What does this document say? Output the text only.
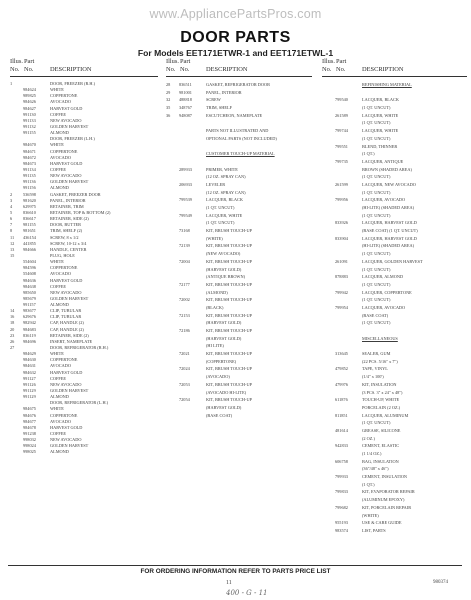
www.AppliancePartsPros.com
DOOR PARTS
For Models EET171ETWR-1 and EET171ETWL-1
Illus.
No.
Part
No.	DESCRIPTION
1	DOOR, FREEZER (R.H.)
984624	WHITE
989825	COPPERTONE
984626	AVOCADO
984627	HARVEST GOLD
991130	COFFEE
991133	NEW AVOCADO
991132	GOLDEN HARVEST
991155	ALMOND
DOOR, FREEZER (L.H.)
984670	WHITE
984671	COPPERTONE
984672	AVOCADO
984673	HARVEST GOLD
991134	COFFEE
991135	NEW AVOCADO
991136	GOLDEN HARVEST
991156	ALMOND
2	536598	GASKET, FREEZER DOOR
3	981620	PANEL, INTERIOR
4	629975	RETAINER, TRIM
5	836610	RETAINER, TOP & BOTTOM (2)
6	836617	RETAINER, SIDE (2)
7	981155	DOOR, BUTTER
8	981651	TRIM, SHELF (2)
11	436154	SCREW, 8 x 1/2
12	441855	SCREW, 10-12 x 3/4
13	984666	HANDLE, CENTER
15	PLUG, HOLE
554604	WHITE
984596	COPPERTONE
554608	AVOCADO
984636	HARVEST GOLD
984638	COFFEE
985650	NEW AVOCADO
985679	GOLDEN HARVEST
991157	ALMOND
14	983677	CLIP, TUBULAR
16	629676	CLIP, TUBULAR
18	982942	CAP, HANDLE (2)
20	984683	CAP, HANDLE (2)
23	836119	RETAINER, SIDE (2)
26	984696	INSERT, NAMEPLATE
27	DOOR, REFRIGERATOR (R.H.)
984629	WHITE
984630	COPPERTONE
984631	AVOCADO
984632	HARVEST GOLD
991127	COFFEE
991126	NEW AVOCADO
991129	GOLDEN HARVEST
991129	ALMOND
DOOR, REFRIGERATOR (L.H.)
984675	WHITE
984676	COPPERTONE
984677	AVOCADO
984678	HARVEST GOLD
991238	COFFEE
998032	NEW AVOCADO
998024	GOLDEN HARVEST
998025	ALMOND
Illus.
No.
Part
No.	DESCRIPTION
28	836511	GASKET, REFRIGERATOR DOOR
29	981001	PANEL, INTERIOR
32	488818	SCREW
35	348767	TRIM, SHELF
36	948087	ESCUTCHEON, NAMEPLATE
PARTS NOT ILLUSTRATED AND
OPTIONAL PARTS (NOT INCLUDED)
CUSTOMER TOUCH-UP MATERIAL
289933	PRIMER, WHITE
(12 OZ. SPRAY CAN)
206933	LEVELER
(12 OZ. SPRAY CAN)
799539	LACQUER, BLACK
(1 QT. UNCUT)
799549	LACQUER, WHITE
(1 QT. UNCUT)
73168	KIT, BRUSH TOUCH-UP
(WHITE)
72139	KIT, BRUSH TOUCH-UP
(NEW AVOCADO)
72004	KIT, BRUSH TOUCH-UP
(HARVEST GOLD)
(ANTIQUE BROWN)
72177	KIT, BRUSH TOUCH-UP
(ALMOND)
72002	KIT, BRUSH TOUCH-UP
(BLACK)
72153	KIT, BRUSH TOUCH-UP
(HARVEST GOLD)
72186	KIT, BRUSH TOUCH-UP
(HARVEST GOLD)
(HI LITE)
72021	KIT, BRUSH TOUCH-UP
(COPPERTONE)
72024	KIT, BRUSH TOUCH-UP
(AVOCADO)
72053	KIT, BRUSH TOUCH-UP
(AVOCADO HI-LITE)
72054	KIT, BRUSH TOUCH-UP
(HARVEST GOLD)
(BASE COAT)
Illus.
No.
Part
No.	DESCRIPTION
REFINISHING MATERIAL
799540	LACQUER, BLACK
(1 QT. UNCUT)
261589	LACQUER, WHITE
(1 QT. UNCUT)
799744	LACQUER, WHITE
(1 QT. UNCUT)
799551	BLEND, THINNER
(1 QT.)
799735	LACQUER, ANTIQUE
BROWN (SHADED AREA)
(1 QT. UNCUT)
261599	LACQUER, NEW AVOCADO
(1 QT. UNCUT)
799956	LACQUER, AVOCADO
(HI-LITE) (SHADED AREA)
(1 QT. UNCUT)
833926	LACQUER, HARVEST GOLD
(BASE COAT) (1 QT. UNCUT)
833904	LACQUER, HARVEST GOLD
(HI-LITE) (SHADED AREA)
(1 QT. UNCUT)
261091	LACQUER, GOLDEN HARVEST
(1 QT. UNCUT)
878883	LACQUER, ALMOND
(1 QT. UNCUT)
799942	LACQUER, COPPERTONE
(1 QT. UNCUT)
799954	LACQUER, AVOCADO
(BASE COAT)
(1 QT. UNCUT)
MISCELLANEOUS
313645	SEALER, GUM
(22 PCS. 5/16" x 7")
479852	TAPE, VINYL
(1/4" x 100')
479976	KIT, INSULATION
(3 PCS. 3" x 24" x 48")
611876	TOUCH-UP, WHITE
PORCELAIN (2 OZ.)
811851	LACQUER, ALUMINUM
(1 QT. UNCUT)
481614	GREASE, SILICONE
(2 OZ.)
942833	CEMENT, ELASTIC
(1 1/4 OZ.)
606758	BAG, INSULATION
(36"/48" x 46")
799933	CEMENT, INSULATION
(1 QT.)
799833	KIT, EVAPORATOR REPAIR
(ALUMINUM EPOXY)
799682	KIT, PORCELAIN REPAIR
(WHITE)
955193	USE & CARE GUIDE
983574	LIST, PARTS
FOR ORDERING INFORMATION REFER TO PARTS PRICE LIST
11	980374
400 - G - 11
